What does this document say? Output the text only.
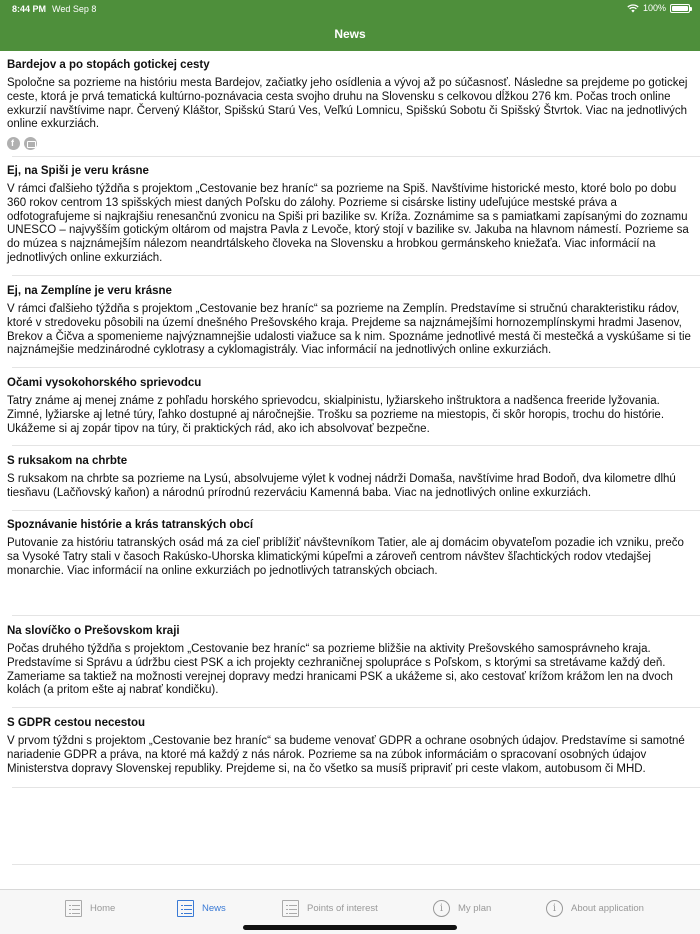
8:44 PM Wed Sep 8	100%
News
Bardejov a po stopách gotickej cesty

Spoločne sa pozrieme na históriu mesta Bardejov, začiatky jeho osídlenia a vývoj až po súčasnosť. Následne sa prejdeme po gotickej ceste, ktorá je prvá tematická kultúrno-poznávacia cesta svojho druhu na Slovensku s celkovou dĺžkou 276 km. Počas troch online exkurzií navštívime napr. Červený Kláštor, Spišskú Starú Ves, Veľkú Lomnicu, Spišskú Sobotu či Spišský Štvrtok. Viac na jednotlivých online exkurziách.

f
Ej, na Spiši je veru krásne

V rámci ďalšieho týždňa s projektom „Cestovanie bez hraníc“ sa pozrieme na Spiš. Navštívime historické mesto, ktoré bolo po dobu 360 rokov centrom 13 spišských miest daných Poľsku do zálohy. Pozrieme si cisárske listiny udeľujúce mestské práva a odfotografujeme si najkrajšiu renesančnú zvonicu na Spiši pri bazilike sv. Kríža. Zoznámime sa s pamiatkami zapísanými do zoznamu UNESCO – najvyšším gotickým oltárom od majstra Pavla z Levoče, ktorý stojí v bazilike sv. Jakuba na hlavnom námestí. Pozrieme sa do múzea s najznámejším nálezom neandrtálskeho človeka na Slovensku a hrobkou germánskeho kniežaťa. Viac informácií na jednotlivých online exkurziách.

Ej, na Zemplíne je veru krásne

V rámci ďalšieho týždňa s projektom „Cestovanie bez hraníc“ sa pozrieme na Zemplín. Predstavíme si stručnú charakteristiku rádov, ktoré v stredoveku pôsobili na území dnešného Prešovského kraja. Prejdeme sa najznámejšími hornozemplínskymi hradmi Jasenov, Brekov a Čičva a spomenieme najvýznamnejšie udalosti viažuce sa k nim. Spoznáme jednotlivé mestá či mestečká a vyskúšame si tie najznámejšie medzinárodné cyklotrasy a cyklomagistrály. Viac informácií na jednotlivých online exkurziách.

Očami vysokohorského sprievodcu

Tatry známe aj menej známe z pohľadu horského sprievodcu, skialpinistu, lyžiarskeho inštruktora a nadšenca freeride lyžovania. Zimné, lyžiarske aj letné túry, ľahko dostupné aj náročnejšie. Trošku sa pozrieme na miestopis, či skôr horopis, trochu do histórie. Ukážeme si aj zopár tipov na túry, či praktických rád, ako ich absolvovať bezpečne.

S ruksakom na chrbte

S ruksakom na chrbte sa pozrieme na Lysú, absolvujeme výlet k vodnej nádrži Domaša, navštívime hrad Bodoň, dva kilometre dlhú tiesňavu (Lačňovský kaňon) a národnú prírodnú rezerváciu Kamenná baba. Viac na jednotlivých online exkurziách.

Spoznávanie histórie a krás tatranských obcí

Putovanie za históriu tatranských osád má za cieľ priblížiť návštevníkom Tatier, ale aj domácim obyvateľom pozadie ich vzniku, prečo sa Vysoké Tatry stali v časoch Rakúsko-Uhorska klimatickými kúpeľmi a zároveň centrom návštev šľachtických rodov vtedajšej monarchie. Viac informácií na online exkurziách po jednotlivých tatranských obciach.

Na slovíčko o Prešovskom kraji

Počas druhého týždňa s projektom „Cestovanie bez hraníc“ sa pozrieme bližšie na aktivity Prešovského samosprávneho kraja. Predstavíme si Správu a údržbu ciest PSK a ich projekty cezhraničnej spolupráce s Poľskom, s ktorými sa stretávame každý deň. Zameriame sa taktiež na možnosti verejnej dopravy medzi hranicami PSK a ukážeme si, ako cestovať krížom krážom len na dvoch kolách (a pritom ešte aj nabrať kondičku).

S GDPR cestou necestou

V prvom týždni s projektom „Cestovanie bez hraníc“ sa budeme venovať GDPR a ochrane osobných údajov. Predstavíme si samotné nariadenie GDPR a práva, na ktoré má každý z nás nárok. Pozrieme sa na zúbok informáciám o spracovaní osobných údajov Ministerstva dopravy Slovenskej republiky. Prejdeme si, na čo všetko sa musíš pripraviť pri ceste vlakom, autobusom či MHD.

Home	News	Points of interest	i	My plan	i	About application
